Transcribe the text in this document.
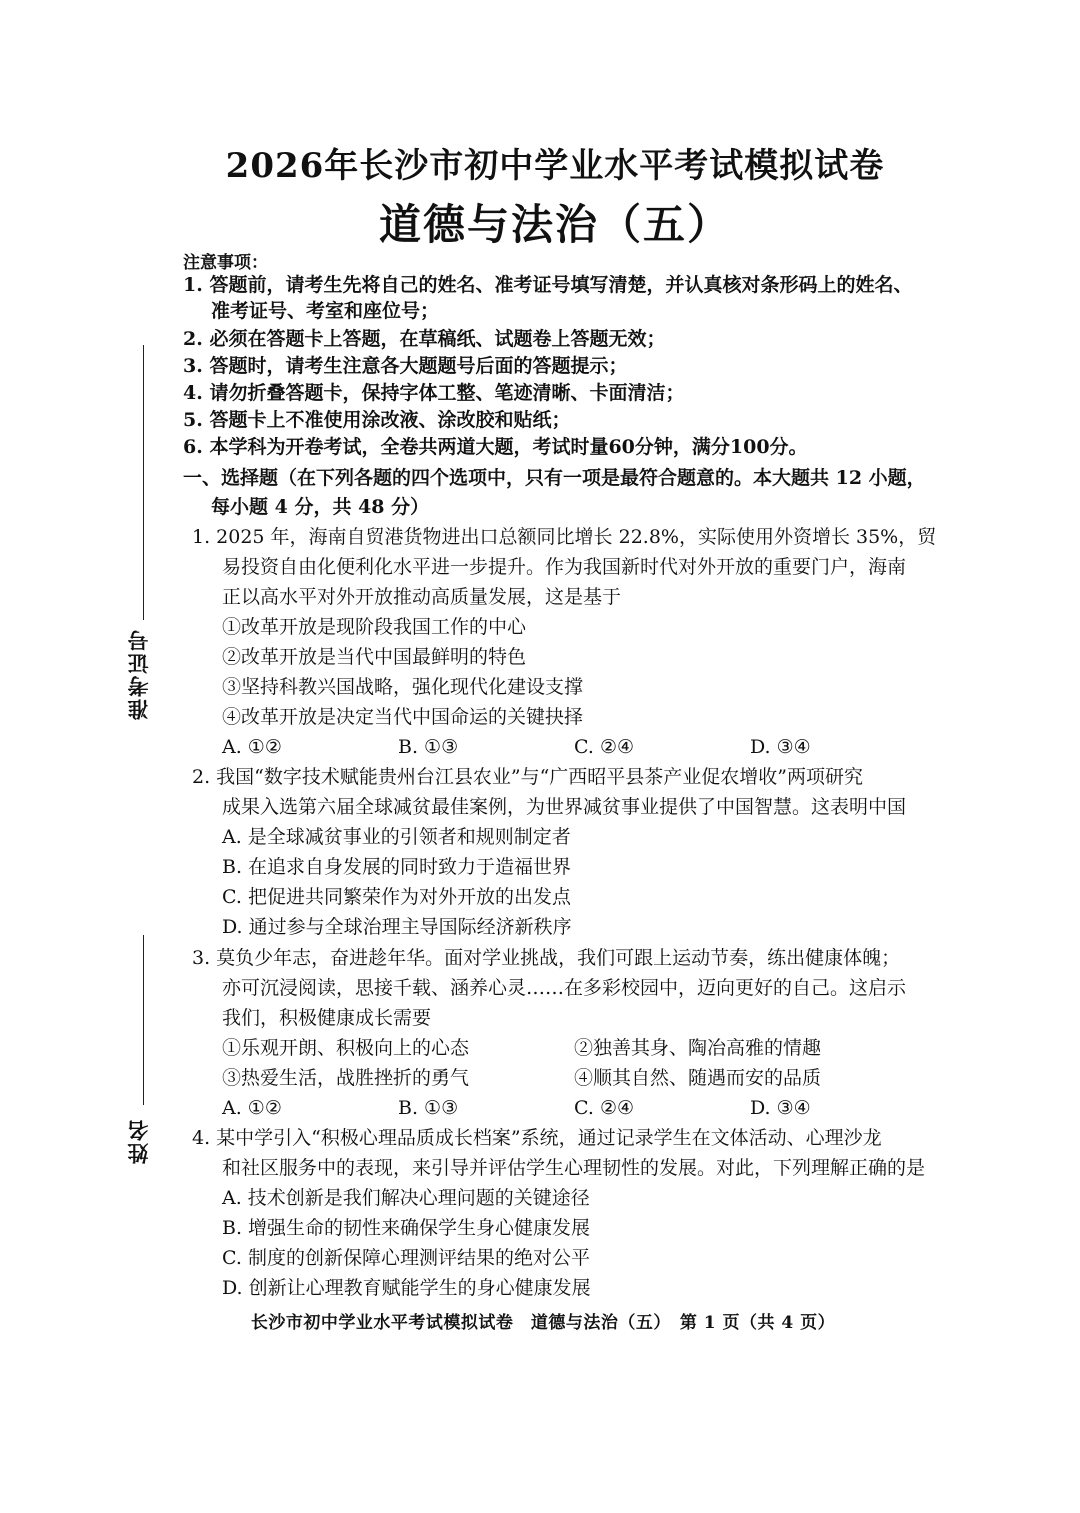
2026年长沙市初中学业水平考试模拟试卷
道德与法治（五）
准考证号
姓名
注意事项：
1. 答题前，请考生先将自己的姓名、准考证号填写清楚，并认真核对条形码上的姓名、
准考证号、考室和座位号；
2. 必须在答题卡上答题，在草稿纸、试题卷上答题无效；
3. 答题时，请考生注意各大题题号后面的答题提示；
4. 请勿折叠答题卡，保持字体工整、笔迹清晰、卡面清洁；
5. 答题卡上不准使用涂改液、涂改胶和贴纸；
6. 本学科为开卷考试，全卷共两道大题，考试时量60分钟，满分100分。
一、选择题（在下列各题的四个选项中，只有一项是最符合题意的。本大题共 12 小题，
每小题 4 分，共 48 分）
1. 2025 年，海南自贸港货物进出口总额同比增长 22.8%，实际使用外资增长 35%，贸
易投资自由化便利化水平进一步提升。作为我国新时代对外开放的重要门户，海南
正以高水平对外开放推动高质量发展，这是基于
①改革开放是现阶段我国工作的中心
②改革开放是当代中国最鲜明的特色
③坚持科教兴国战略，强化现代化建设支撑
④改革开放是决定当代中国命运的关键抉择
A. ①②	B. ①③	C. ②④	D. ③④
2. 我国“数字技术赋能贵州台江县农业”与“广西昭平县茶产业促农增收”两项研究
成果入选第六届全球减贫最佳案例，为世界减贫事业提供了中国智慧。这表明中国
A. 是全球减贫事业的引领者和规则制定者
B. 在追求自身发展的同时致力于造福世界
C. 把促进共同繁荣作为对外开放的出发点
D. 通过参与全球治理主导国际经济新秩序
3. 莫负少年志，奋进趁年华。面对学业挑战，我们可跟上运动节奏，练出健康体魄；
亦可沉浸阅读，思接千载、涵养心灵……在多彩校园中，迈向更好的自己。这启示
我们，积极健康成长需要
①乐观开朗、积极向上的心态	②独善其身、陶冶高雅的情趣
③热爱生活，战胜挫折的勇气	④顺其自然、随遇而安的品质
A. ①②	B. ①③	C. ②④	D. ③④
4. 某中学引入“积极心理品质成长档案”系统，通过记录学生在文体活动、心理沙龙
和社区服务中的表现，来引导并评估学生心理韧性的发展。对此，下列理解正确的是
A. 技术创新是我们解决心理问题的关键途径
B. 增强生命的韧性来确保学生身心健康发展
C. 制度的创新保障心理测评结果的绝对公平
D. 创新让心理教育赋能学生的身心健康发展
长沙市初中学业水平考试模拟试卷　道德与法治（五）　第 1 页（共 4 页）
